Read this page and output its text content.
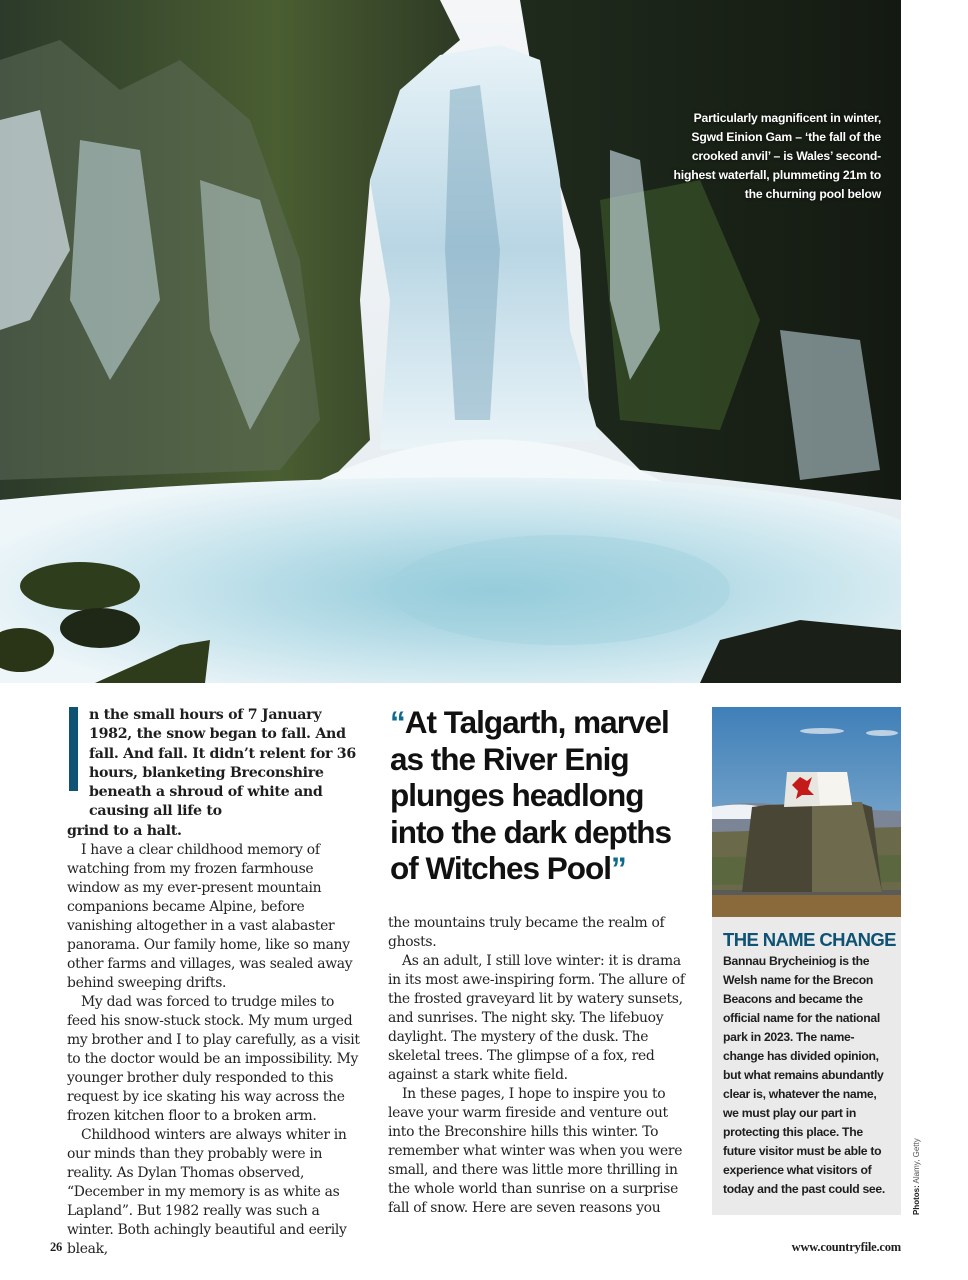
Particularly magnificent in winter, Sgwd Einion Gam – ‘the fall of the crooked anvil’ – is Wales’ second-highest waterfall, plummeting 21m to the churning pool below

n the small hours of 7 January 1982, the snow began to fall. And fall. And fall. It didn’t relent for 36 hours, blanketing Breconshire beneath a shroud of white and causing all life to
grind to a halt.

I have a clear childhood memory of watching from my frozen farmhouse window as my ever-present mountain companions became Alpine, before vanishing altogether in a vast alabaster panorama. Our family home, like so many other farms and villages, was sealed away behind sweeping drifts.

My dad was forced to trudge miles to feed his snow-stuck stock. My mum urged my brother and I to play carefully, as a visit to the doctor would be an impossibility. My younger brother duly responded to this request by ice skating his way across the frozen kitchen floor to a broken arm.

Childhood winters are always whiter in our minds than they probably were in reality. As Dylan Thomas observed, “December in my memory is as white as Lapland”. But 1982 really was such a winter. Both achingly beautiful and eerily bleak,

“At Talgarth, marvel as the River Enig plunges headlong into the dark depths of Witches Pool”

the mountains truly became the realm of ghosts.

As an adult, I still love winter: it is drama in its most awe-inspiring form. The allure of the frosted graveyard lit by watery sunsets, and sunrises. The night sky. The lifebuoy daylight. The mystery of the dusk. The skeletal trees. The glimpse of a fox, red against a stark white field.

In these pages, I hope to inspire you to leave your warm fireside and venture out into the Breconshire hills this winter. To remember what winter was when you were small, and there was little more thrilling in the whole world than sunrise on a surprise fall of snow. Here are seven reasons you

THE NAME CHANGE
Bannau Brycheiniog is the Welsh name for the Brecon Beacons and became the official name for the national park in 2023. The name-change has divided opinion, but what remains abundantly clear is, whatever the name, we must play our part in protecting this place. The future visitor must be able to experience what visitors of today and the past could see.	Photos: Alamy, Getty
26	www.countryfile.com
